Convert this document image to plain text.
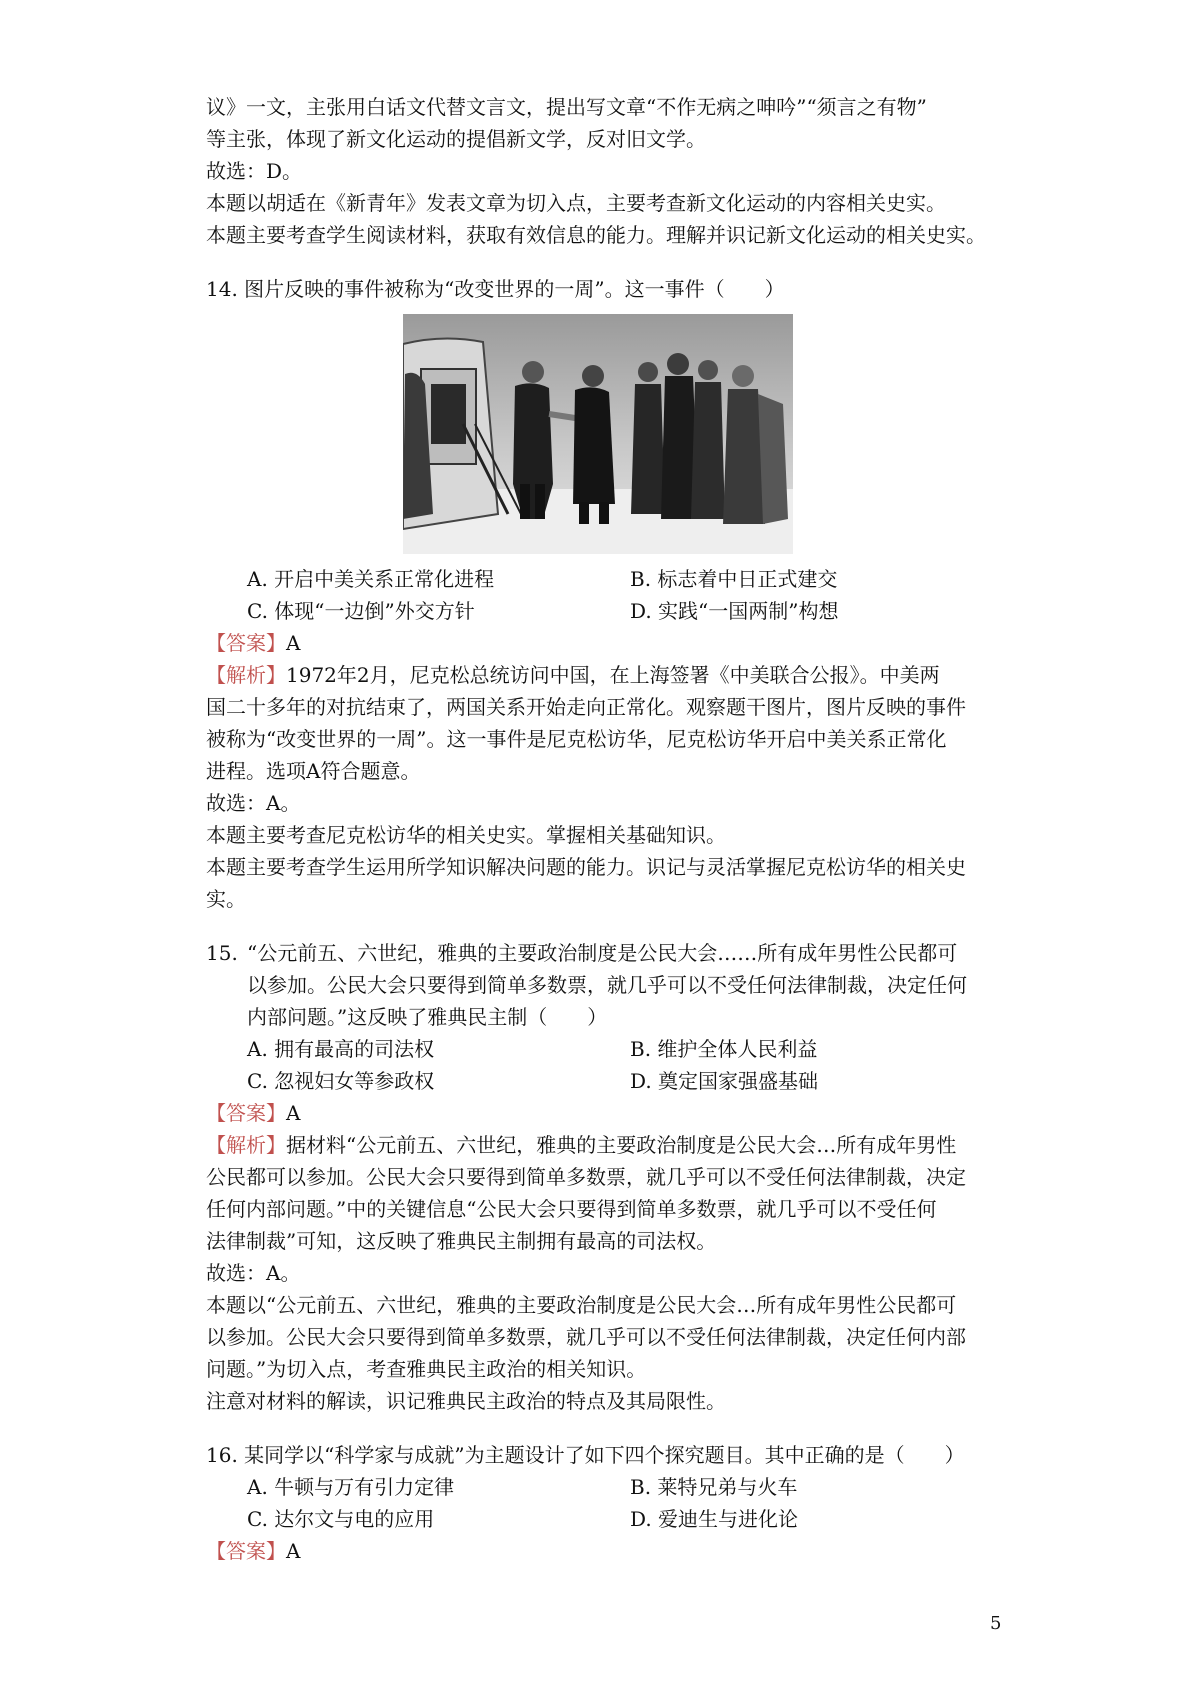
议》一文，主张用白话文代替文言文，提出写文章“不作无病之呻吟”“须言之有物”
等主张，体现了新文化运动的提倡新文学，反对旧文学。
故选：D。
本题以胡适在《新青年》发表文章为切入点，主要考查新文化运动的内容相关史实。
本题主要考查学生阅读材料，获取有效信息的能力。理解并识记新文化运动的相关史实。
14. 图片反映的事件被称为“改变世界的一周”。这一事件（　　）
A. 开启中美关系正常化进程	B. 标志着中日正式建交
C. 体现“一边倒”外交方针	D. 实践“一国两制”构想
【答案】A
【解析】1972年2月，尼克松总统访问中国，在上海签署《中美联合公报》。中美两
国二十多年的对抗结束了，两国关系开始走向正常化。观察题干图片，图片反映的事件
被称为“改变世界的一周”。这一事件是尼克松访华，尼克松访华开启中美关系正常化
进程。选项A符合题意。
故选：A。
本题主要考查尼克松访华的相关史实。掌握相关基础知识。
本题主要考查学生运用所学知识解决问题的能力。识记与灵活掌握尼克松访华的相关史
实。
15. “公元前五、六世纪，雅典的主要政治制度是公民大会……所有成年男性公民都可
以参加。公民大会只要得到简单多数票，就几乎可以不受任何法律制裁，决定任何
内部问题。”这反映了雅典民主制（　　）
A. 拥有最高的司法权	B. 维护全体人民利益
C. 忽视妇女等参政权	D. 奠定国家强盛基础
【答案】A
【解析】据材料“公元前五、六世纪，雅典的主要政治制度是公民大会…所有成年男性
公民都可以参加。公民大会只要得到简单多数票，就几乎可以不受任何法律制裁，决定
任何内部问题。”中的关键信息“公民大会只要得到简单多数票，就几乎可以不受任何
法律制裁”可知，这反映了雅典民主制拥有最高的司法权。
故选：A。
本题以“公元前五、六世纪，雅典的主要政治制度是公民大会…所有成年男性公民都可
以参加。公民大会只要得到简单多数票，就几乎可以不受任何法律制裁，决定任何内部
问题。”为切入点，考查雅典民主政治的相关知识。
注意对材料的解读，识记雅典民主政治的特点及其局限性。
16. 某同学以“科学家与成就”为主题设计了如下四个探究题目。其中正确的是（　　）
A. 牛顿与万有引力定律	B. 莱特兄弟与火车
C. 达尔文与电的应用	D. 爱迪生与进化论
【答案】A
5
